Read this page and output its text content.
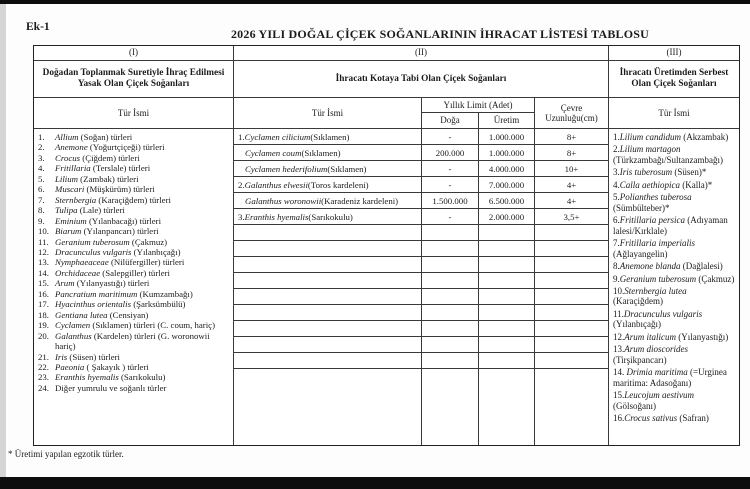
Ek-1	2026 YILI DOĞAL ÇİÇEK SOĞANLARININ İHRACAT LİSTESİ TABLOSU
(I)
Doğadan Toplanmak Suretiyle İhraç Edilmesi Yasak Olan Çiçek Soğanları
Tür İsmi
1.	Allium (Soğan) türleri
2.	Anemone (Yoğurtçiçeği) türleri
3.	Crocus (Çiğdem) türleri
4.	Fritillaria (Terslale) türleri
5.	Lilium (Zambak) türleri
6.	Muscari (Müşkürüm) türleri
7.	Sternbergia (Karaçiğdem) türleri
8.	Tulipa (Lale) türleri
9.	Eminium (Yılanbacağı) türleri
10. Biarum (Yılanpancarı) türleri
11. Geranium tuberosum (Çakmuz)
12. Dracunculus vulgaris (Yılanbıçağı)
13. Nymphaeaceae (Nilüfergiller) türleri
14. Orchidaceae (Salepgiller) türleri
15. Arum (Yılanyastığı) türleri
16. Pancratium maritimum (Kumzambağı)
17. Hyacinthus orientalis (Şarksümbülü)
18. Gentiana lutea (Censiyan)
19. Cyclamen (Sıklamen) türleri (C. coum, hariç)
20. Galanthus (Kardelen) türleri (G. woronowii hariç)
21. Iris (Süsen) türleri
22. Paeonia ( Şakayık ) türleri
23. Eranthis hyemalis (Sarıkokulu)
24. Diğer yumrulu ve soğanlı türler
(II)
İhracatı Kotaya Tabi Olan Çiçek Soğanları
Tür İsmi
Yıllık Limit (Adet)
Doğa	Üretim
Çevre Uzunluğu(cm)
1. Cyclamen cilicium (Sıklamen)	-	1.000.000	8+
Cyclamen coum (Sıklamen)	200.000	1.000.000	8+
Cyclamen hederifolium (Sıklamen)	-	4.000.000	10+
2. Galanthus elwesii (Toros kardeleni)	-	7.000.000	4+
Galanthus woronowii (Karadeniz kardeleni)	1.500.000	6.500.000	4+
3. Eranthis hyemalis (Sarıkokulu)	-	2.000.000	3,5+
(III)
İhracatı Üretimden Serbest Olan Çiçek Soğanları
Tür İsmi
1.Lilium candidum (Akzambak)
2.Lilium martagon (Türkzambağı/Sultanzambağı)
3.Iris tuberosum (Süsen)*
4.Calla aethiopica (Kalla)*
5.Polianthes tuberosa (Sümbülteber)*
6.Fritillaria persica (Adıyaman lalesi/Kırklale)
7.Fritillaria imperialis (Ağlayangelin)
8.Anemone blanda (Dağlalesi)
9.Geranium tuberosum (Çakmuz)
10.Sternbergia lutea (Karaçiğdem)
11.Dracunculus vulgaris (Yılanbıçağı)
12.Arum italicum (Yılanyastığı)
13.Arum dioscorides (Tirşikpancarı)
14. Drimia maritima (=Urginea maritima: Adasoğanı)
15.Leucojum aestivum (Gölsoğanı)
16.Crocus sativus (Safran)
* Üretimi yapılan egzotik türler.
